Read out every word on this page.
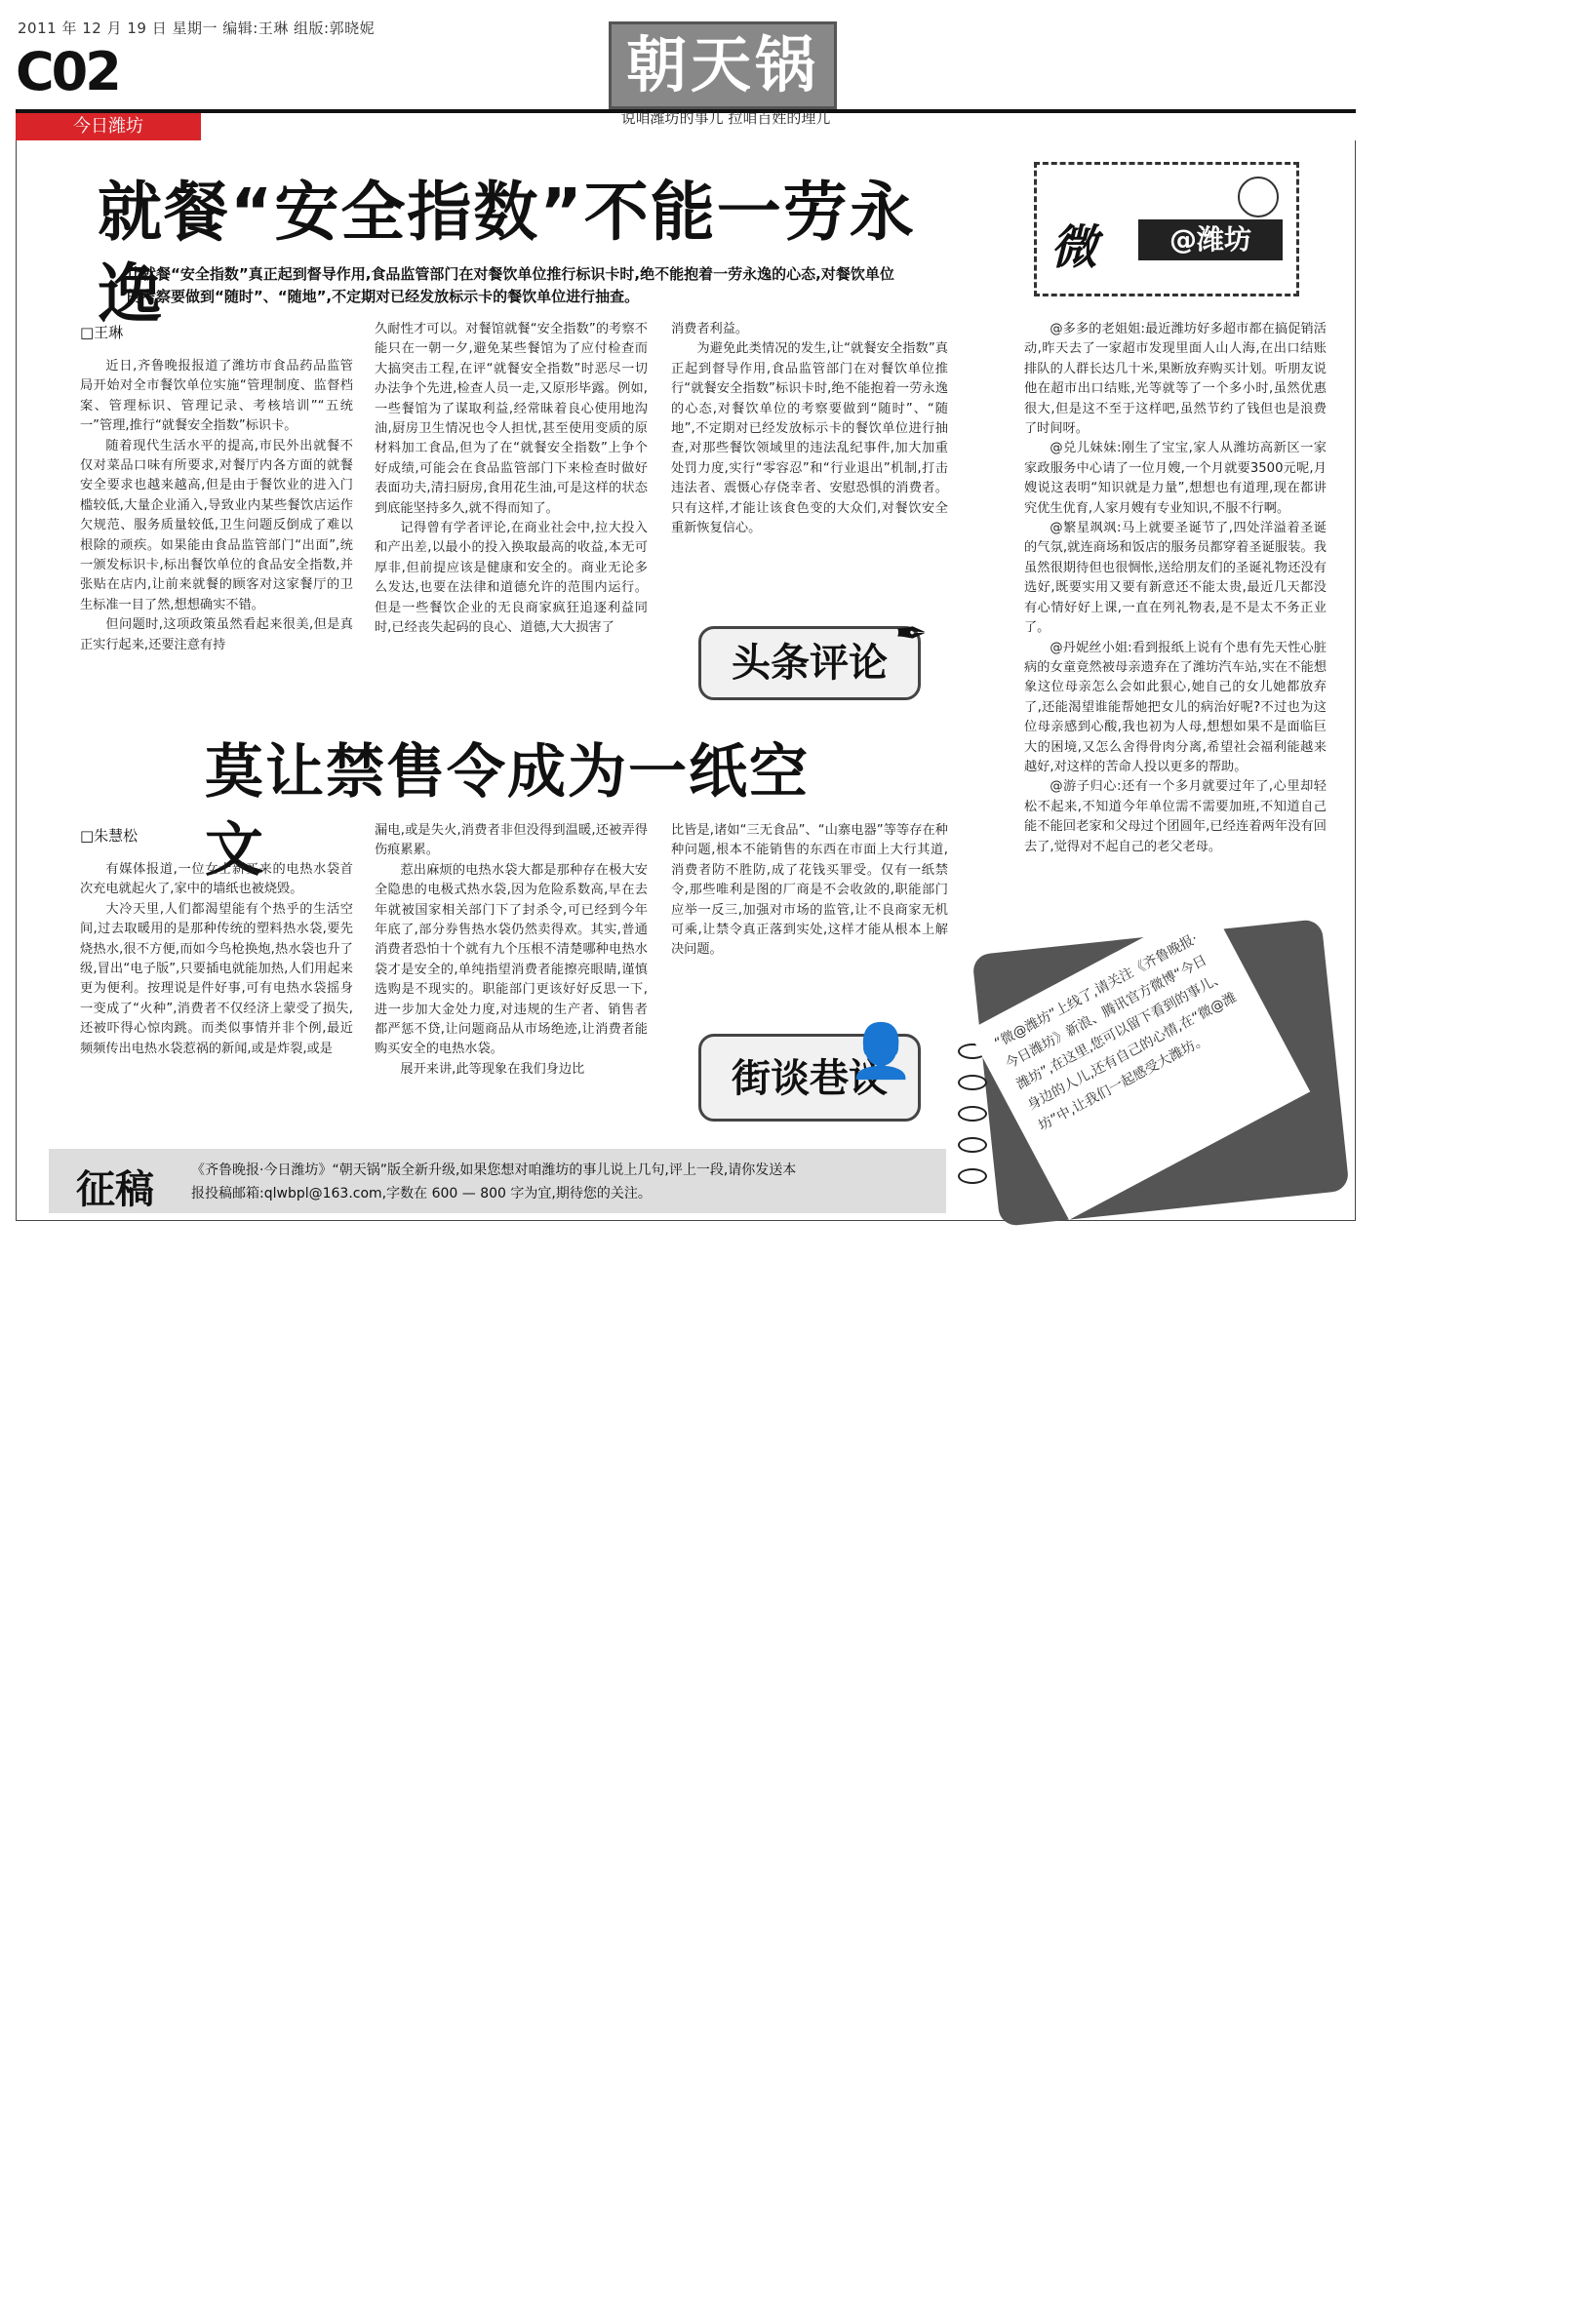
2011 年 12 月 19 日 星期一 编辑:王琳 组版:郭晓妮
C02
今日潍坊
朝天锅
说咱潍坊的事儿 拉咱百姓的理儿
就餐“安全指数”不能一劳永逸
让就餐“安全指数”真正起到督导作用,食品监管部门在对餐饮单位推行标识卡时,绝不能抱着一劳永逸的心态,对餐饮单位的考察要做到“随时”、“随地”,不定期对已经发放标示卡的餐饮单位进行抽查。
□王琳

近日,齐鲁晚报报道了潍坊市食品药品监管局开始对全市餐饮单位实施“管理制度、监督档案、管理标识、管理记录、考核培训”“五统一”管理,推行“就餐安全指数”标识卡。

随着现代生活水平的提高,市民外出就餐不仅对菜品口味有所要求,对餐厅内各方面的就餐安全要求也越来越高,但是由于餐饮业的进入门槛较低,大量企业涌入,导致业内某些餐饮店运作欠规范、服务质量较低,卫生问题反倒成了难以根除的顽疾。如果能由食品监管部门“出面”,统一颁发标识卡,标出餐饮单位的食品安全指数,并张贴在店内,让前来就餐的顾客对这家餐厅的卫生标准一目了然,想想确实不错。

但问题时,这项政策虽然看起来很美,但是真正实行起来,还要注意有持

久耐性才可以。对餐馆就餐“安全指数”的考察不能只在一朝一夕,避免某些餐馆为了应付检查而大搞突击工程,在评“就餐安全指数”时恶尽一切办法争个先进,检查人员一走,又原形毕露。例如,一些餐馆为了谋取利益,经常昧着良心使用地沟油,厨房卫生情况也令人担忧,甚至使用变质的原材料加工食品,但为了在“就餐安全指数”上争个好成绩,可能会在食品监管部门下来检查时做好表面功夫,清扫厨房,食用花生油,可是这样的状态到底能坚持多久,就不得而知了。

记得曾有学者评论,在商业社会中,拉大投入和产出差,以最小的投入换取最高的收益,本无可厚非,但前提应该是健康和安全的。商业无论多么发达,也要在法律和道德允许的范围内运行。但是一些餐饮企业的无良商家疯狂追逐利益同时,已经丧失起码的良心、道德,大大损害了

消费者利益。

为避免此类情况的发生,让“就餐安全指数”真正起到督导作用,食品监管部门在对餐饮单位推行“就餐安全指数”标识卡时,绝不能抱着一劳永逸的心态,对餐饮单位的考察要做到“随时”、“随地”,不定期对已经发放标示卡的餐饮单位进行抽查,对那些餐饮领域里的违法乱纪事件,加大加重处罚力度,实行“零容忍”和“行业退出”机制,打击违法者、震慑心存侥幸者、安慰恐惧的消费者。只有这样,才能让该食色变的大众们,对餐饮安全重新恢复信心。

头条评论
✒
莫让禁售令成为一纸空文
□朱慧松

有媒体报道,一位女士新买来的电热水袋首次充电就起火了,家中的墙纸也被烧毁。

大冷天里,人们都渴望能有个热乎的生活空间,过去取暖用的是那种传统的塑料热水袋,要先烧热水,很不方便,而如今鸟枪换炮,热水袋也升了级,冒出“电子版”,只要插电就能加热,人们用起来更为便利。按理说是件好事,可有电热水袋摇身一变成了“火种”,消费者不仅经济上蒙受了损失,还被吓得心惊肉跳。而类似事情并非个例,最近频频传出电热水袋惹祸的新闻,或是炸裂,或是

漏电,或是失火,消费者非但没得到温暖,还被弄得伤痕累累。

惹出麻烦的电热水袋大都是那种存在极大安全隐患的电极式热水袋,因为危险系数高,早在去年就被国家相关部门下了封杀令,可已经到今年年底了,部分券售热水袋仍然卖得欢。其实,普通消费者恐怕十个就有九个压根不清楚哪种电热水袋才是安全的,单纯指望消费者能擦亮眼睛,谨慎选购是不现实的。职能部门更该好好反思一下,进一步加大金处力度,对违规的生产者、销售者都严惩不贷,让问题商品从市场绝迹,让消费者能购买安全的电热水袋。

展开来讲,此等现象在我们身边比

比皆是,诸如“三无食品”、“山寨电器”等等存在种种问题,根本不能销售的东西在市面上大行其道,消费者防不胜防,成了花钱买罪受。仅有一纸禁令,那些唯利是图的厂商是不会收敛的,职能部门应举一反三,加强对市场的监管,让不良商家无机可乘,让禁令真正落到实处,这样才能从根本上解决问题。

街谈巷议
👤
微	@潍坊

@多多的老姐姐:最近潍坊好多超市都在搞促销活动,昨天去了一家超市发现里面人山人海,在出口结账排队的人群长达几十米,果断放弃购买计划。听朋友说他在超市出口结账,光等就等了一个多小时,虽然优惠很大,但是这不至于这样吧,虽然节约了钱但也是浪费了时间呀。

@兑儿妹妹:刚生了宝宝,家人从潍坊高新区一家家政服务中心请了一位月嫂,一个月就要3500元呢,月嫂说这表明“知识就是力量”,想想也有道理,现在都讲究优生优育,人家月嫂有专业知识,不服不行啊。

@繁星飒飒:马上就要圣诞节了,四处洋溢着圣诞的气氛,就连商场和饭店的服务员都穿着圣诞服装。我虽然很期待但也很惆怅,送给朋友们的圣诞礼物还没有选好,既要实用又要有新意还不能太贵,最近几天都没有心情好好上课,一直在列礼物表,是不是太不务正业了。

@丹妮丝小姐:看到报纸上说有个患有先天性心脏病的女童竟然被母亲遗弃在了潍坊汽车站,实在不能想象这位母亲怎么会如此狠心,她自己的女儿她都放弃了,还能渴望谁能帮她把女儿的病治好呢?不过也为这位母亲感到心酸,我也初为人母,想想如果不是面临巨大的困境,又怎么舍得骨肉分离,希望社会福利能越来越好,对这样的苦命人投以更多的帮助。

@游子归心:还有一个多月就要过年了,心里却轻松不起来,不知道今年单位需不需要加班,不知道自己能不能回老家和父母过个团圆年,已经连着两年没有回去了,觉得对不起自己的老父老母。

“微@潍坊”上线了,请关注《齐鲁晚报·今日潍坊》新浪、腾讯官方微博“今日潍坊”,在这里,您可以留下看到的事儿、身边的人儿,还有自己的心情,在“微@潍坊”中,让我们一起感受大潍坊。
征稿	《齐鲁晚报·今日潍坊》“朝天锅”版全新升级,如果您想对咱潍坊的事儿说上几句,评上一段,请你发送本
报投稿邮箱:qlwbpl@163.com,字数在 600 — 800 字为宜,期待您的关注。
